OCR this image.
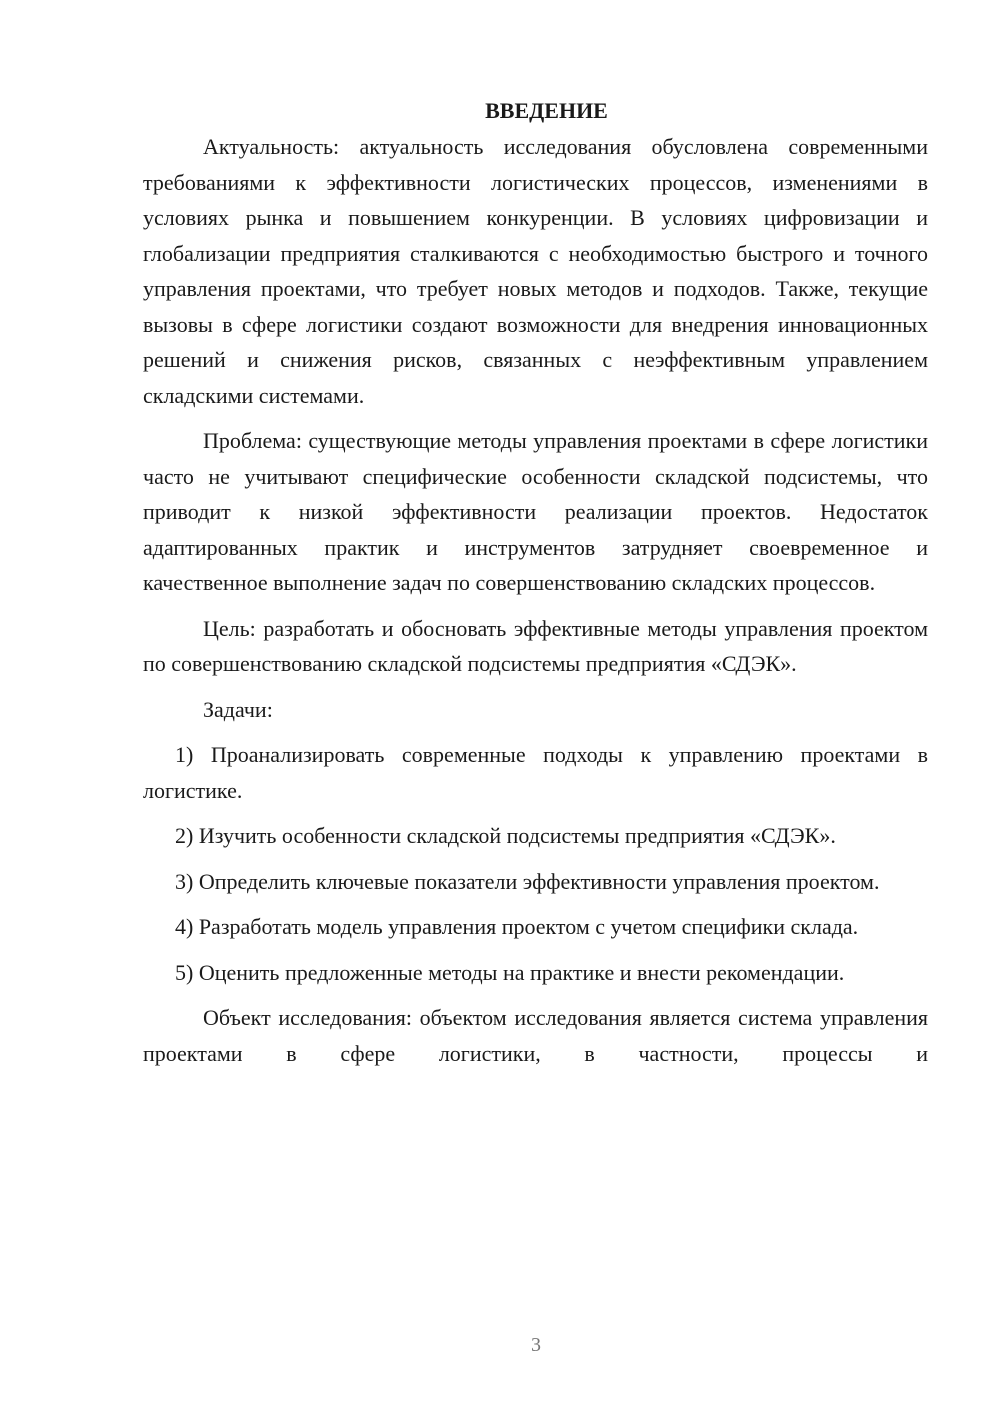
ВВЕДЕНИЕ

Актуальность: актуальность исследования обусловлена современными требованиями к эффективности логистических процессов, изменениями в условиях рынка и повышением конкуренции. В условиях цифровизации и глобализации предприятия сталкиваются с необходимостью быстрого и точного управления проектами, что требует новых методов и подходов. Также, текущие вызовы в сфере логистики создают возможности для внедрения инновационных решений и снижения рисков, связанных с неэффективным управлением складскими системами.

Проблема: существующие методы управления проектами в сфере логистики часто не учитывают специфические особенности складской подсистемы, что приводит к низкой эффективности реализации проектов. Недостаток адаптированных практик и инструментов затрудняет своевременное и качественное выполнение задач по совершенствованию складских процессов.

Цель: разработать и обосновать эффективные методы управления проектом по совершенствованию складской подсистемы предприятия «СДЭК».

Задачи:

1) Проанализировать современные подходы к управлению проектами в логистике.

2) Изучить особенности складской подсистемы предприятия «СДЭК».

3) Определить ключевые показатели эффективности управления проектом.

4) Разработать модель управления проектом с учетом специфики склада.

5) Оценить предложенные методы на практике и внести рекомендации.

Объект исследования: объектом исследования является система управления проектами в сфере логистики, в частности, процессы и

3
